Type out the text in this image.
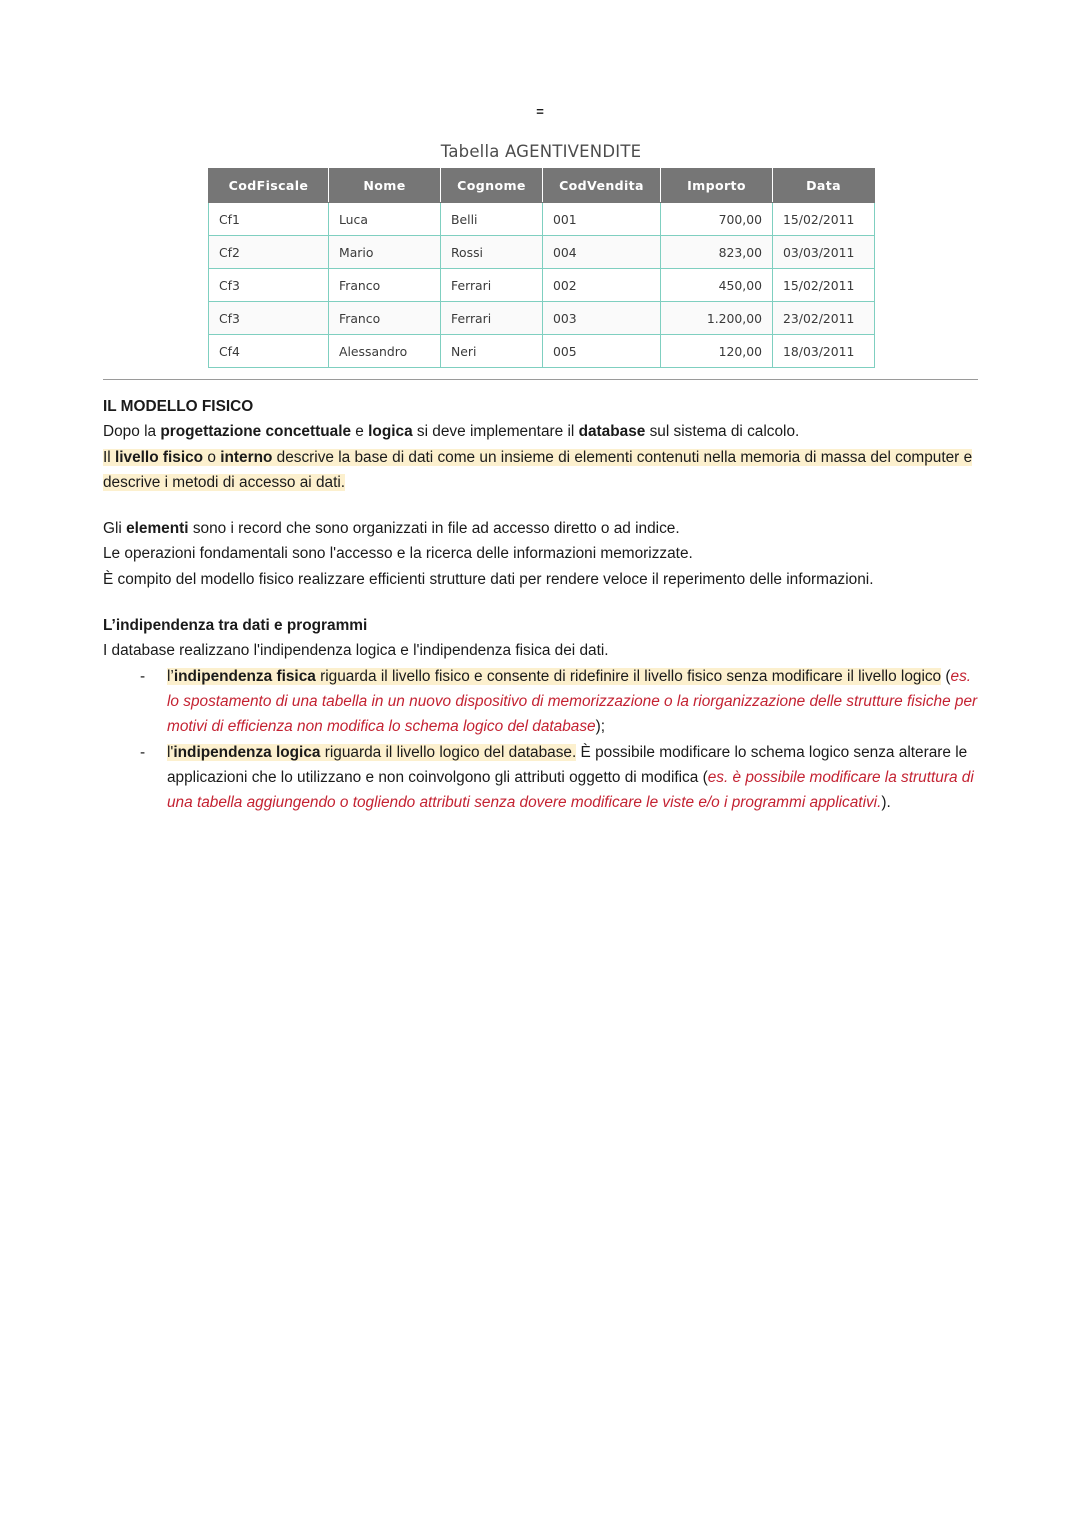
=
Tabella AGENTIVENDITE
CodFiscale	Nome	Cognome	CodVendita	Importo	Data
Cf1	Luca	Belli	001	700,00	15/02/2011
Cf2	Mario	Rossi	004	823,00	03/03/2011
Cf3	Franco	Ferrari	002	450,00	15/02/2011
Cf3	Franco	Ferrari	003	1.200,00	23/02/2011
Cf4	Alessandro	Neri	005	120,00	18/03/2011

IL MODELLO FISICO

Dopo la progettazione concettuale e logica si deve implementare il database sul sistema di calcolo.

Il livello fisico o interno descrive la base di dati come un insieme di elementi contenuti nella memoria di massa del computer e descrive i metodi di accesso ai dati.

Gli elementi sono i record che sono organizzati in file ad accesso diretto o ad indice.

Le operazioni fondamentali sono l'accesso e la ricerca delle informazioni memorizzate.

È compito del modello fisico realizzare efficienti strutture dati per rendere veloce il reperimento delle informazioni.

L’indipendenza tra dati e programmi

I database realizzano l'indipendenza logica e l'indipendenza fisica dei dati.

- l’indipendenza fisica riguarda il livello fisico e consente di ridefinire il livello fisico senza modificare il livello logico (es. lo spostamento di una tabella in un nuovo dispositivo di memorizzazione o la riorganizzazione delle strutture fisiche per motivi di efficienza non modifica lo schema logico del database);
- l'indipendenza logica riguarda il livello logico del database. È possibile modificare lo schema logico senza alterare le applicazioni che lo utilizzano e non coinvolgono gli attributi oggetto di modifica (es. è possibile modificare la struttura di una tabella aggiungendo o togliendo attributi senza dovere modificare le viste e/o i programmi applicativi.).
